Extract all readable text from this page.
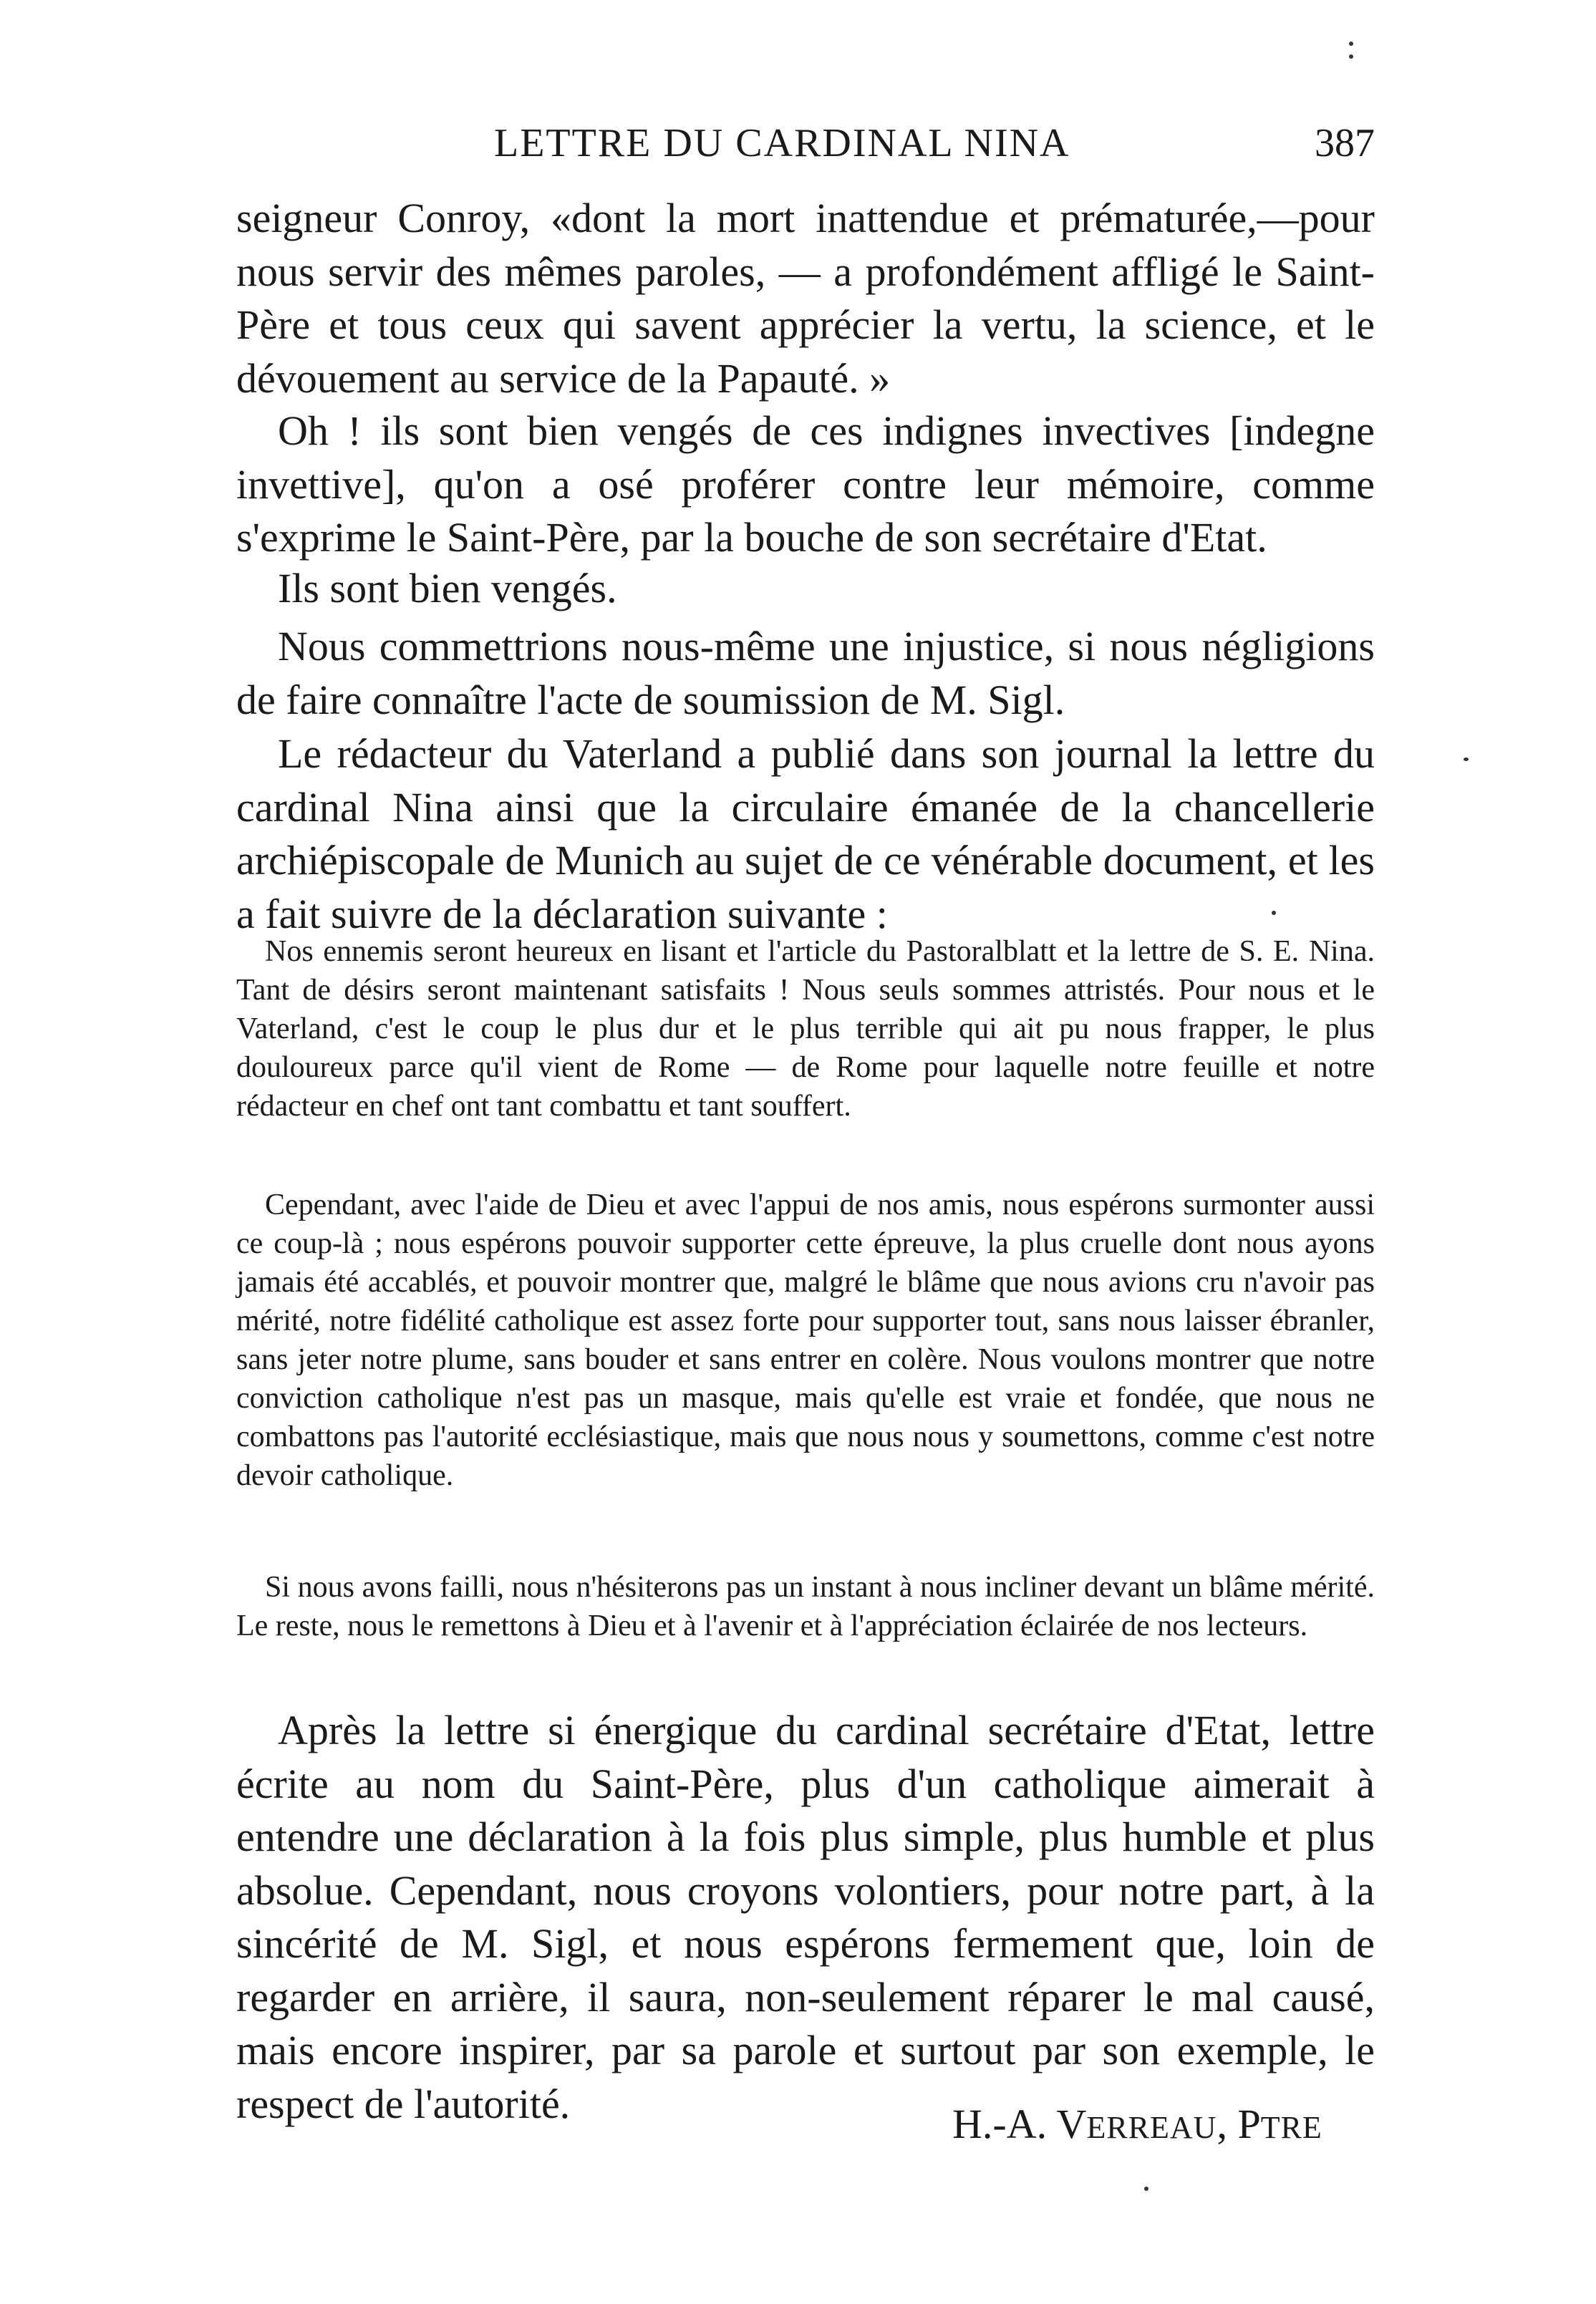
LETTRE DU CARDINAL NINA	387

seigneur Conroy, «dont la mort inattendue et prématurée,—pour nous servir des mêmes paroles, — a profondément affligé le Saint-Père et tous ceux qui savent apprécier la vertu, la science, et le dévouement au service de la Papauté. »

Oh ! ils sont bien vengés de ces indignes invectives [indegne invettive], qu'on a osé proférer contre leur mémoire, comme s'exprime le Saint-Père, par la bouche de son secrétaire d'Etat.

Ils sont bien vengés.

Nous commettrions nous-même une injustice, si nous négligions de faire connaître l'acte de soumission de M. Sigl.

Le rédacteur du Vaterland a publié dans son journal la lettre du cardinal Nina ainsi que la circulaire émanée de la chancellerie archiépiscopale de Munich au sujet de ce vénérable document, et les a fait suivre de la déclaration suivante :

Nos ennemis seront heureux en lisant et l'article du Pastoralblatt et la lettre de S. E. Nina. Tant de désirs seront maintenant satisfaits ! Nous seuls sommes attristés. Pour nous et le Vaterland, c'est le coup le plus dur et le plus terrible qui ait pu nous frapper, le plus douloureux parce qu'il vient de Rome — de Rome pour laquelle notre feuille et notre rédacteur en chef ont tant combattu et tant souffert.

Cependant, avec l'aide de Dieu et avec l'appui de nos amis, nous espérons surmonter aussi ce coup-là ; nous espérons pouvoir supporter cette épreuve, la plus cruelle dont nous ayons jamais été accablés, et pouvoir montrer que, malgré le blâme que nous avions cru n'avoir pas mérité, notre fidélité catholique est assez forte pour supporter tout, sans nous laisser ébranler, sans jeter notre plume, sans bouder et sans entrer en colère. Nous voulons montrer que notre conviction catholique n'est pas un masque, mais qu'elle est vraie et fondée, que nous ne combattons pas l'autorité ecclésiastique, mais que nous nous y soumettons, comme c'est notre devoir catholique.

Si nous avons failli, nous n'hésiterons pas un instant à nous incliner devant un blâme mérité. Le reste, nous le remettons à Dieu et à l'avenir et à l'appréciation éclairée de nos lecteurs.

Après la lettre si énergique du cardinal secrétaire d'Etat, lettre écrite au nom du Saint-Père, plus d'un catholique aimerait à entendre une déclaration à la fois plus simple, plus humble et plus absolue. Cependant, nous croyons volontiers, pour notre part, à la sincérité de M. Sigl, et nous espérons fermement que, loin de regarder en arrière, il saura, non-seulement réparer le mal causé, mais encore inspirer, par sa parole et surtout par son exemple, le respect de l'autorité.	H.-A. VERREAU, PTRE
